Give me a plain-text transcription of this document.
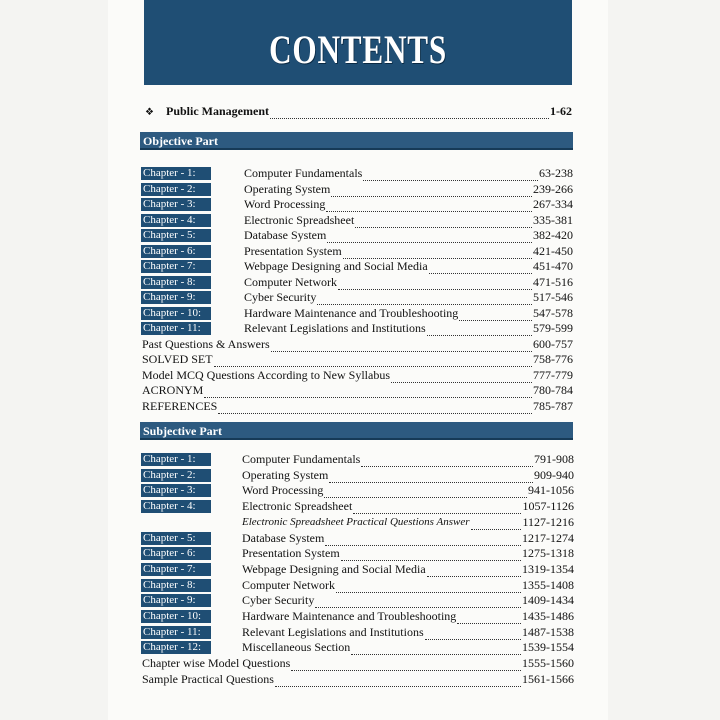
CONTENTS
❖ Public Management	1-62
Objective Part
Chapter - 1:	Computer Fundamentals	63-238
Chapter - 2:	Operating System	239-266
Chapter - 3:	Word Processing	267-334
Chapter - 4:	Electronic Spreadsheet	335-381
Chapter - 5:	Database System	382-420
Chapter - 6:	Presentation System	421-450
Chapter - 7:	Webpage Designing and Social Media	451-470
Chapter - 8:	Computer Network	471-516
Chapter - 9:	Cyber Security	517-546
Chapter - 10:	Hardware Maintenance and Troubleshooting	547-578
Chapter - 11:	Relevant Legislations and Institutions	579-599
Past Questions & Answers	600-757
SOLVED SET	758-776
Model MCQ Questions According to New Syllabus	777-779
ACRONYM	780-784
REFERENCES	785-787
Subjective Part
Chapter - 1:	Computer Fundamentals	791-908
Chapter - 2:	Operating System	909-940
Chapter - 3:	Word Processing	941-1056
Chapter - 4:	Electronic Spreadsheet	1057-1126
Electronic Spreadsheet Practical Questions Answer	1127-1216
Chapter - 5:	Database System	1217-1274
Chapter - 6:	Presentation System	1275-1318
Chapter - 7:	Webpage Designing and Social Media	1319-1354
Chapter - 8:	Computer Network	1355-1408
Chapter - 9:	Cyber Security	1409-1434
Chapter - 10:	Hardware Maintenance and Troubleshooting	1435-1486
Chapter - 11:	Relevant Legislations and Institutions	1487-1538
Chapter - 12:	Miscellaneous Section	1539-1554
Chapter wise Model Questions	1555-1560
Sample Practical Questions	1561-1566
